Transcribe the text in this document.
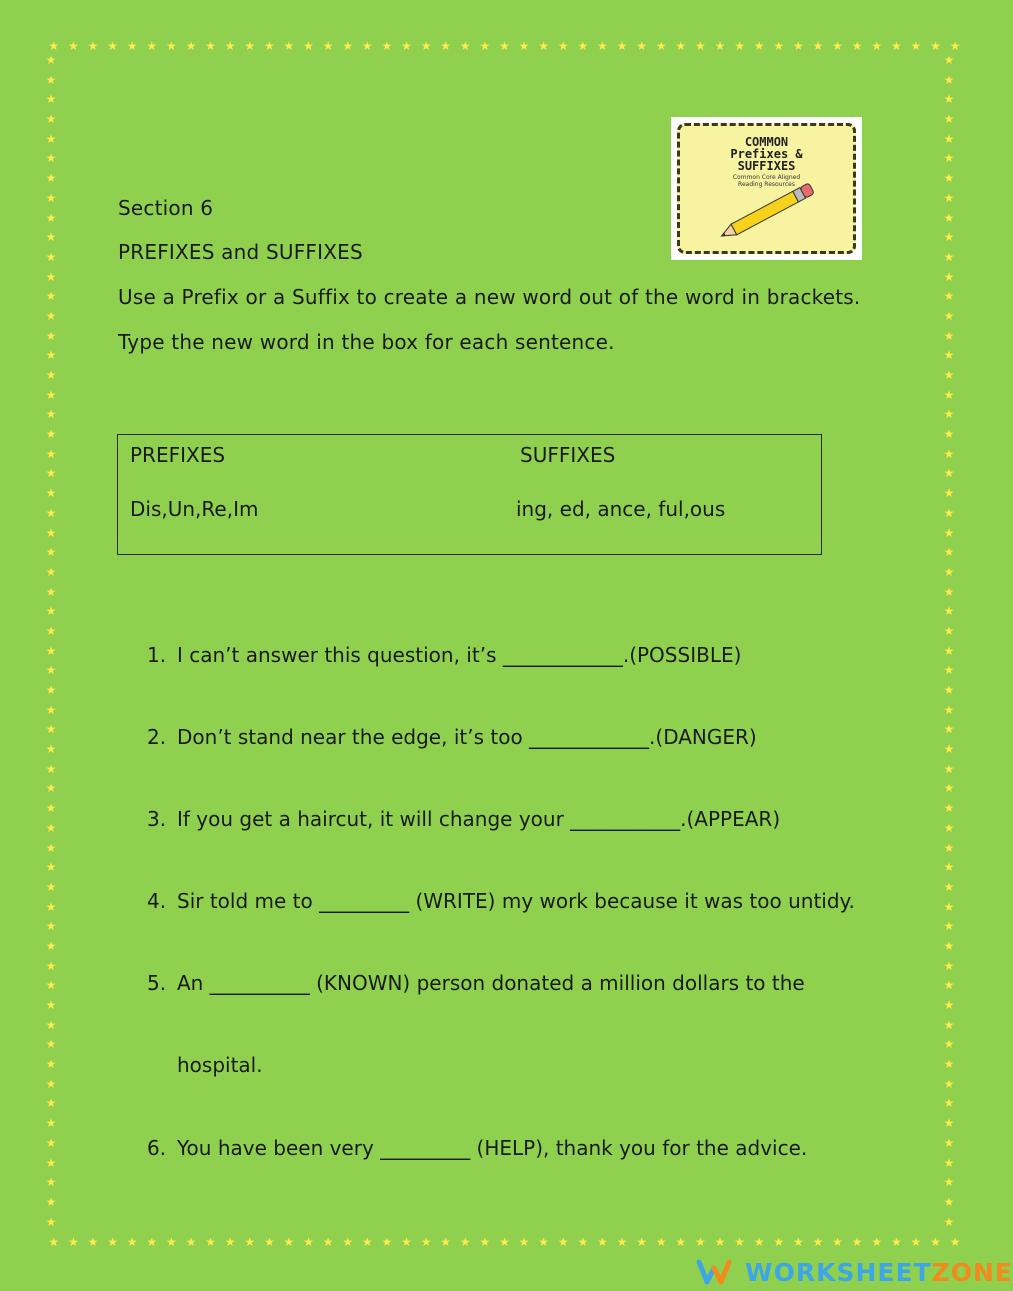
★ ★ ★ ★ ★ ★ ★ ★ ★ ★ ★ ★ ★ ★ ★ ★ ★ ★ ★ ★ ★ ★ ★ ★ ★ ★ ★ ★ ★ ★ ★ ★ ★ ★ ★ ★ ★ ★ ★ ★ ★ ★ ★ ★ ★ ★ ★
★ ★ ★ ★ ★ ★ ★ ★ ★ ★ ★ ★ ★ ★ ★ ★ ★ ★ ★ ★ ★ ★ ★ ★ ★ ★ ★ ★ ★ ★ ★ ★ ★ ★ ★ ★ ★ ★ ★ ★ ★ ★ ★ ★ ★ ★ ★
★
★
★
★
★
★
★
★
★
★
★
★
★
★
★
★
★
★
★
★
★
★
★
★
★
★
★
★
★
★
★
★
★
★
★
★
★
★
★
★
★
★
★
★
★
★
★
★
★
★
★
★
★
★
★
★
★
★
★
★
★
★
★
★
★
★
★
★
★
★
★
★
★
★
★
★
★
★
★
★
★
★
★
★
★
★
★
★
★
★
★
★
★
★
★
★
★
★
★
★
★
★
★
★
★
★
★
★
★
★
★
★
★
★
★
★
★
★
★
★
COMMON
Prefixes &
SUFFIXES
Common Core Aligned
Reading Resources
Section 6
PREFIXES and SUFFIXES
Use a Prefix or a Suffix to create a new word out of the word in brackets.
Type the new word in the box for each sentence.
PREFIXES	SUFFIXES
Dis,Un,Re,Im	ing, ed, ance, ful,ous
1. I can’t answer this question, it’s ____________.(POSSIBLE)
2. Don’t stand near the edge, it’s too ____________.(DANGER)
3. If you get a haircut, it will change your ___________.(APPEAR)
4. Sir told me to _________ (WRITE) my work because it was too untidy.
5. An __________ (KNOWN) person donated a million dollars to the
hospital.
6. You have been very _________ (HELP), thank you for the advice.
WORKSHEET ZONE
